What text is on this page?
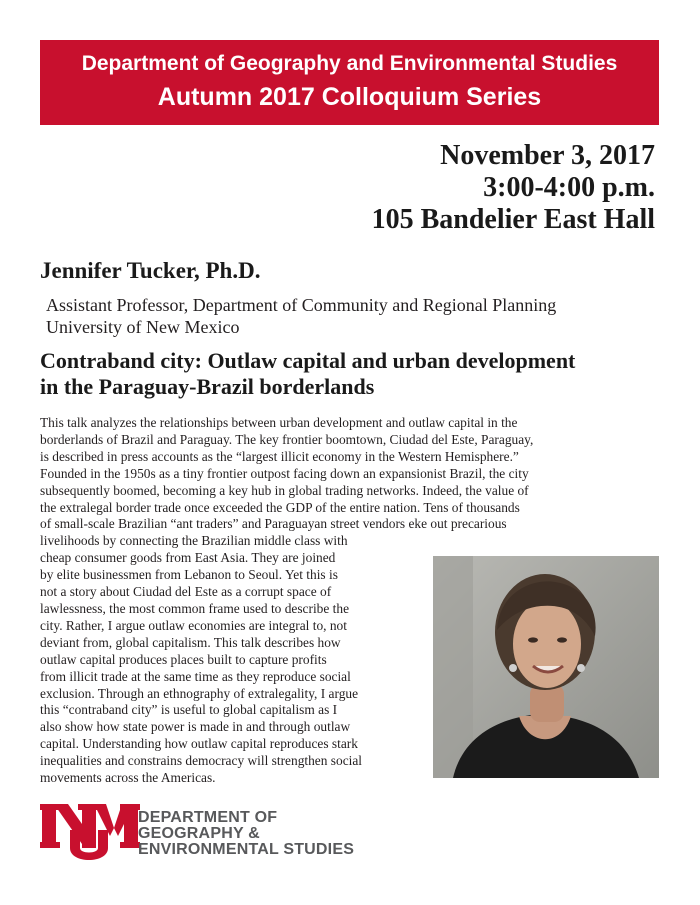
Department of Geography and Environmental Studies
Autumn 2017 Colloquium Series
November 3, 2017
3:00-4:00 p.m.
105 Bandelier East Hall
Jennifer Tucker, Ph.D.
Assistant Professor, Department of Community and Regional Planning
University of New Mexico
Contraband city: Outlaw capital and urban development
in the Paraguay-Brazil borderlands

This talk analyzes the relationships between urban development and outlaw capital in the
borderlands of Brazil and Paraguay. The key frontier boomtown, Ciudad del Este, Paraguay,
is described in press accounts as the “largest illicit economy in the Western Hemisphere.”
Founded in the 1950s as a tiny frontier outpost facing down an expansionist Brazil, the city
subsequently boomed, becoming a key hub in global trading networks. Indeed, the value of
the extralegal border trade once exceeded the GDP of the entire nation. Tens of thousands
of small-scale Brazilian “ant traders” and Paraguayan street vendors eke out precarious
livelihoods by connecting the Brazilian middle class with
cheap consumer goods from East Asia. They are joined
by elite businessmen from Lebanon to Seoul. Yet this is
not a story about Ciudad del Este as a corrupt space of
lawlessness, the most common frame used to describe the
city. Rather, I argue outlaw economies are integral to, not
deviant from, global capitalism. This talk describes how
outlaw capital produces places built to capture profits
from illicit trade at the same time as they reproduce social
exclusion. Through an ethnography of extralegality, I argue
this “contraband city” is useful to global capitalism as I
also show how state power is made in and through outlaw
capital. Understanding how outlaw capital reproduces stark
inequalities and constrains democracy will strengthen social
movements across the Americas.

DEPARTMENT OF
GEOGRAPHY &
ENVIRONMENTAL STUDIES
